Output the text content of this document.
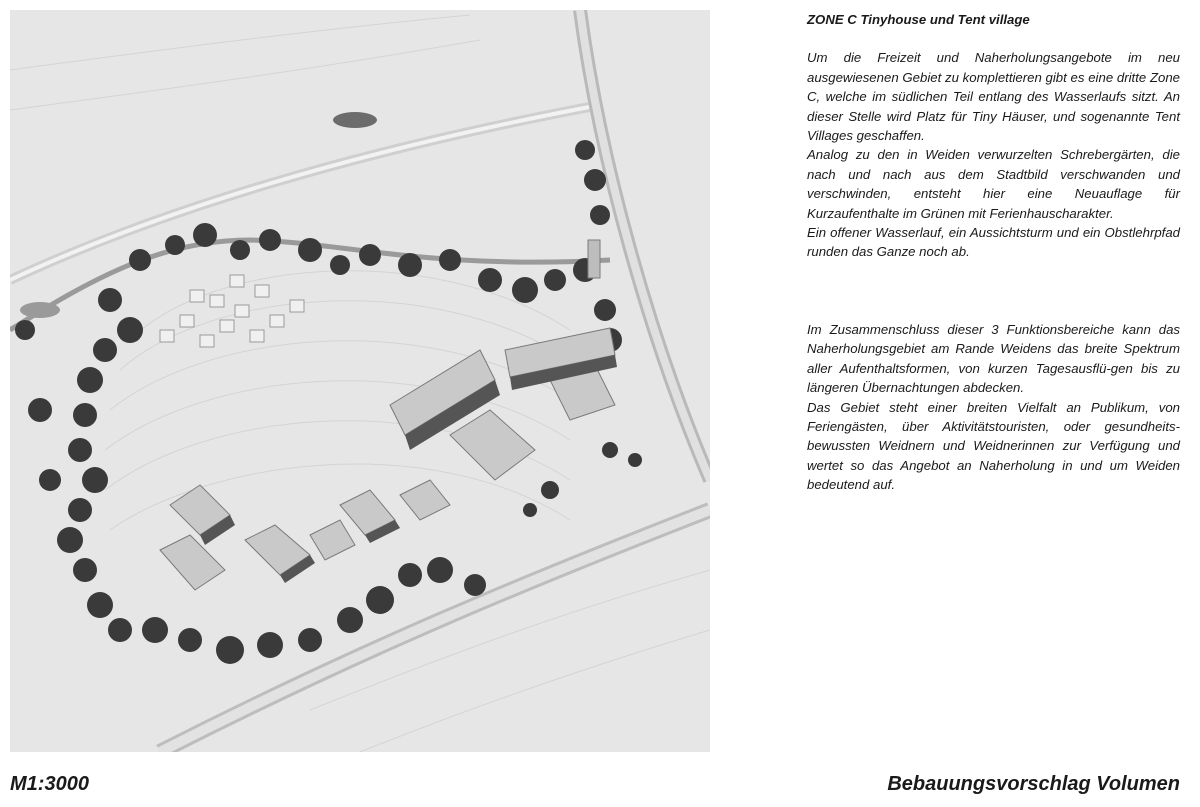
ZONE C Tinyhouse und Tent village

Um die Freizeit und Naherholungsangebote im neu ausgewiesenen Gebiet zu komplettieren gibt es eine dritte Zone C, welche im südlichen Teil entlang des Wasserlaufs sitzt. An dieser Stelle wird Platz für Tiny Häuser, und sogenannte Tent Villages geschaffen.

Analog zu den in Weiden verwurzelten Schrebergärten, die nach und nach aus dem Stadtbild verschwanden und verschwinden, entsteht hier eine Neuauflage für Kurzaufenthalte im Grünen mit Ferienhauscharakter.

Ein offener Wasserlauf, ein Aussichtsturm und ein Obstlehrpfad runden das Ganze noch ab.

Im Zusammenschluss dieser 3 Funktionsbereiche kann das Naherholungsgebiet am Rande Weidens das breite Spektrum aller Aufenthaltsformen, von kurzen Tagesausflü-gen bis zu längeren Übernachtungen abdecken.

Das Gebiet steht einer breiten Vielfalt an Publikum, von Feriengästen, über Aktivitätstouristen, oder gesundheits-bewussten Weidnern und Weidnerinnen zur Verfügung und wertet so das Angebot an Naherholung in und um Weiden bedeutend auf.

M1:3000	Bebauungsvorschlag Volumen
